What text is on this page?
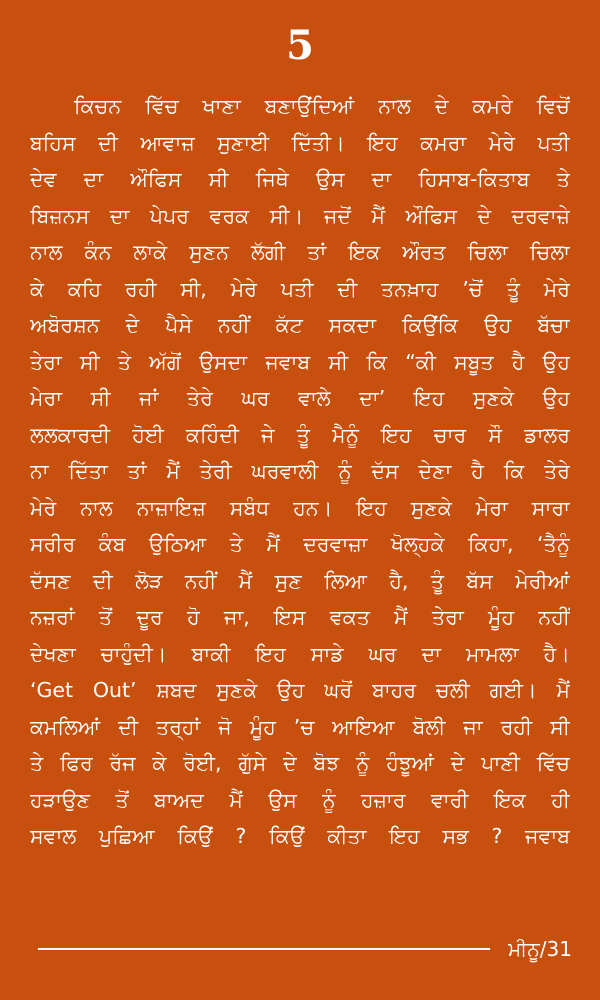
5
ਕਿਚਨ ਵਿੱਚ ਖਾਣਾ ਬਣਾਉਂਦਿਆਂ ਨਾਲ ਦੇ ਕਮਰੇ ਵਿਚੋਂ
ਬਹਿਸ ਦੀ ਆਵਾਜ਼ ਸੁਣਾਈ ਦਿੱਤੀ। ਇਹ ਕਮਰਾ ਮੇਰੇ ਪਤੀ
ਦੇਵ ਦਾ ਔਫਿਸ ਸੀ ਜਿਥੇ ਉਸ ਦਾ ਹਿਸਾਬ-ਕਿਤਾਬ ਤੇ
ਬਿਜ਼ਨਸ ਦਾ ਪੇਪਰ ਵਰਕ ਸੀ। ਜਦੋਂ ਮੈਂ ਔਫਿਸ ਦੇ ਦਰਵਾਜ਼ੇ
ਨਾਲ ਕੰਨ ਲਾਕੇ ਸੁਣਨ ਲੱਗੀ ਤਾਂ ਇਕ ਔਰਤ ਚਿਲਾ ਚਿਲਾ
ਕੇ ਕਹਿ ਰਹੀ ਸੀ, ਮੇਰੇ ਪਤੀ ਦੀ ਤਨਖ਼ਾਹ ’ਚੋਂ ਤੂੰ ਮੇਰੇ
ਅਬੋਰਸ਼ਨ ਦੇ ਪੈਸੇ ਨਹੀਂ ਕੱਟ ਸਕਦਾ ਕਿਉਂਕਿ ਉਹ ਬੱਚਾ
ਤੇਰਾ ਸੀ ਤੇ ਅੱਗੋਂ ਉਸਦਾ ਜਵਾਬ ਸੀ ਕਿ “ਕੀ ਸਬੂਤ ਹੈ ਉਹ
ਮੇਰਾ ਸੀ ਜਾਂ ਤੇਰੇ ਘਰ ਵਾਲੇ ਦਾ’ ਇਹ ਸੁਣਕੇ ਉਹ
ਲਲਕਾਰਦੀ ਹੋਈ ਕਹਿੰਦੀ ਜੇ ਤੂੰ ਮੈਨੂੰ ਇਹ ਚਾਰ ਸੌ ਡਾਲਰ
ਨਾ ਦਿੱਤਾ ਤਾਂ ਮੈਂ ਤੇਰੀ ਘਰਵਾਲੀ ਨੂੰ ਦੱਸ ਦੇਣਾ ਹੈ ਕਿ ਤੇਰੇ
ਮੇਰੇ ਨਾਲ ਨਾਜ਼ਾਇਜ਼ ਸਬੰਧ ਹਨ। ਇਹ ਸੁਣਕੇ ਮੇਰਾ ਸਾਰਾ
ਸਰੀਰ ਕੰਬ ਉਠਿਆ ਤੇ ਮੈਂ ਦਰਵਾਜ਼ਾ ਖੋਲ੍ਹਕੇ ਕਿਹਾ, ‘ਤੈਨੂੰ
ਦੱਸਣ ਦੀ ਲੋੜ ਨਹੀਂ ਮੈਂ ਸੁਣ ਲਿਆ ਹੈ, ਤੂੰ ਬੱਸ ਮੇਰੀਆਂ
ਨਜ਼ਰਾਂ ਤੋਂ ਦੂਰ ਹੋ ਜਾ, ਇਸ ਵਕਤ ਮੈਂ ਤੇਰਾ ਮੂੰਹ ਨਹੀਂ
ਦੇਖਣਾ ਚਾਹੁੰਦੀ। ਬਾਕੀ ਇਹ ਸਾਡੇ ਘਰ ਦਾ ਮਾਮਲਾ ਹੈ।
‘Get Out’ ਸ਼ਬਦ ਸੁਣਕੇ ਉਹ ਘਰੋਂ ਬਾਹਰ ਚਲੀ ਗਈ। ਮੈਂ
ਕਮਲਿਆਂ ਦੀ ਤਰ੍ਹਾਂ ਜੋ ਮੂੰਹ ’ਚ ਆਇਆ ਬੋਲੀ ਜਾ ਰਹੀ ਸੀ
ਤੇ ਫਿਰ ਰੱਜ ਕੇ ਰੋਈ, ਗੁੱਸੇ ਦੇ ਬੋਝ ਨੂੰ ਹੰਝੂਆਂ ਦੇ ਪਾਣੀ ਵਿੱਚ
ਹੜਾਉਣ ਤੋਂ ਬਾਅਦ ਮੈਂ ਉਸ ਨੂੰ ਹਜ਼ਾਰ ਵਾਰੀ ਇਕ ਹੀ
ਸਵਾਲ ਪੁਛਿਆ ਕਿਉਂ ? ਕਿਉਂ ਕੀਤਾ ਇਹ ਸਭ ? ਜਵਾਬ
ਮੀਨੂ/31
